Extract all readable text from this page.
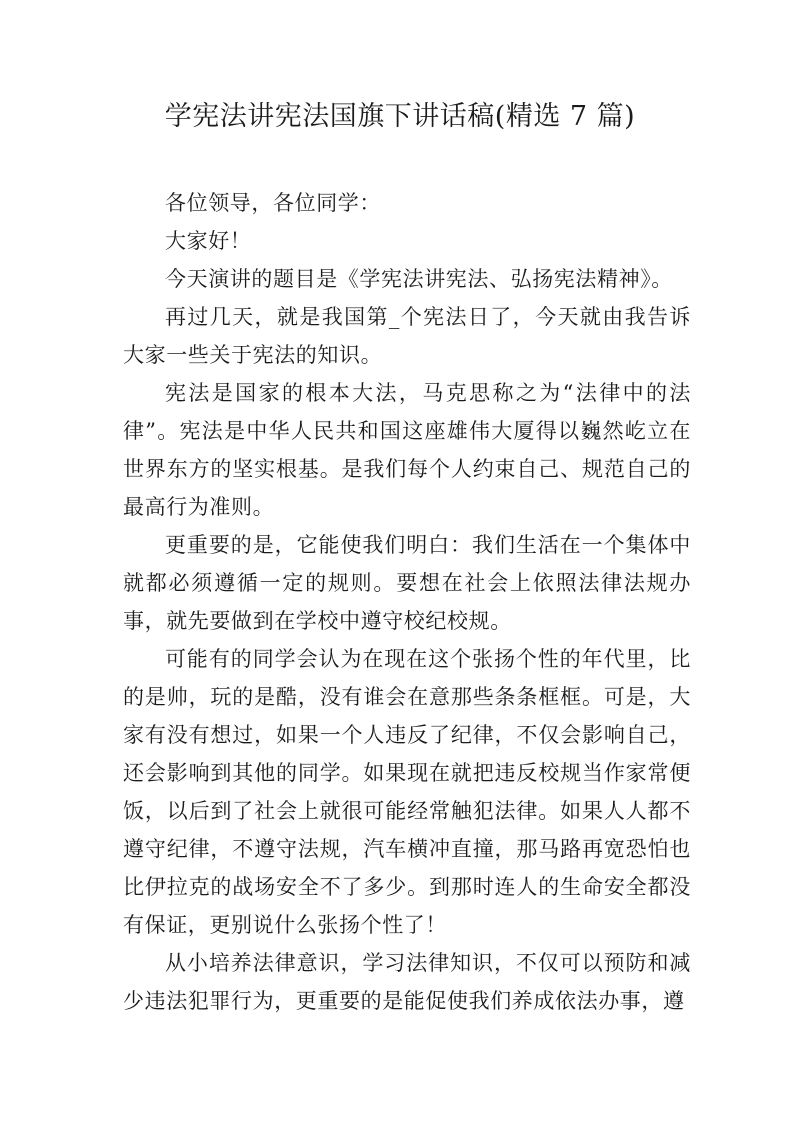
学宪法讲宪法国旗下讲话稿(精选 7 篇)

各位领导，各位同学：

大家好！

今天演讲的题目是《学宪法讲宪法、弘扬宪法精神》。

再过几天，就是我国第_个宪法日了，今天就由我告诉大家一些关于宪法的知识。

宪法是国家的根本大法，马克思称之为“法律中的法律”。宪法是中华人民共和国这座雄伟大厦得以巍然屹立在世界东方的坚实根基。是我们每个人约束自己、规范自己的最高行为准则。

更重要的是，它能使我们明白：我们生活在一个集体中就都必须遵循一定的规则。要想在社会上依照法律法规办事，就先要做到在学校中遵守校纪校规。

可能有的同学会认为在现在这个张扬个性的年代里，比的是帅，玩的是酷，没有谁会在意那些条条框框。可是，大家有没有想过，如果一个人违反了纪律，不仅会影响自己，还会影响到其他的同学。如果现在就把违反校规当作家常便饭，以后到了社会上就很可能经常触犯法律。如果人人都不遵守纪律，不遵守法规，汽车横冲直撞，那马路再宽恐怕也比伊拉克的战场安全不了多少。到那时连人的生命安全都没有保证，更别说什么张扬个性了！

从小培养法律意识，学习法律知识，不仅可以预防和减少违法犯罪行为，更重要的是能促使我们养成依法办事，遵
